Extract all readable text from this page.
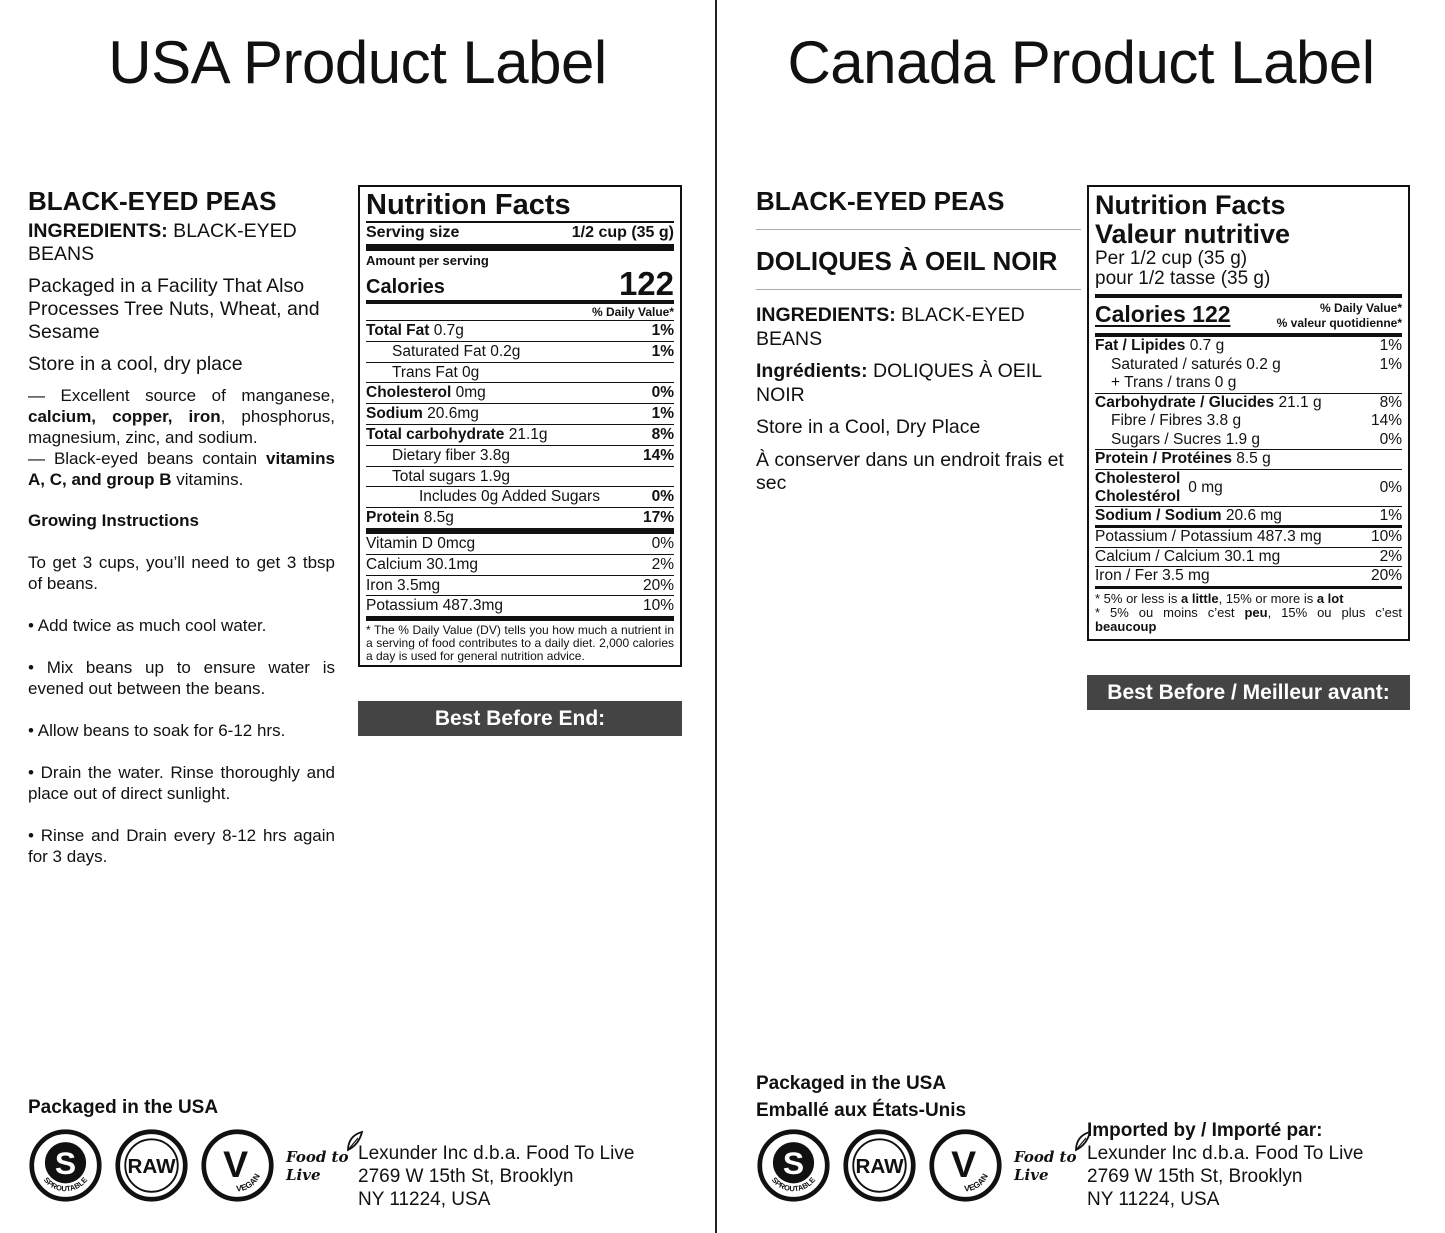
USA Product Label
BLACK-EYED PEAS

INGREDIENTS: BLACK-EYED BEANS

Packaged in a Facility That Also Processes Tree Nuts, Wheat, and Sesame

Store in a cool, dry place

— Excellent source of manganese, calcium, copper, iron, phosphorus, magnesium, zinc, and sodium.

— Black-eyed beans contain vitamins A, C, and group B vitamins.

Growing Instructions

To get 3 cups, you’ll need to get 3 tbsp of beans.

• Add twice as much cool water.

• Mix beans up to ensure water is evened out between the beans.

• Allow beans to soak for 6-12 hrs.

• Drain the water. Rinse thoroughly and place out of direct sunlight.

• Rinse and Drain every 8-12 hrs again for 3 days.

Nutrition Facts
Serving size	1/2 cup (35 g)
Amount per serving
Calories	122
% Daily Value*
Total Fat 0.7g	1%
Saturated Fat 0.2g	1%
Trans Fat 0g
Cholesterol 0mg	0%
Sodium 20.6mg	1%
Total carbohydrate 21.1g	8%
Dietary fiber 3.8g	14%
Total sugars 1.9g
Includes 0g Added Sugars	0%
Protein 8.5g	17%
Vitamin D 0mcg	0%
Calcium 30.1mg	2%
Iron 3.5mg	20%
Potassium 487.3mg	10%
* The % Daily Value (DV) tells you how much a nutrient in a serving of food contributes to a daily diet. 2,000 calories a day is used for general nutrition advice.
Best Before End:
Packaged in the USA
S
SPROUTABLE
RAW V
VEGAN
Food to Live
Lexunder Inc d.b.a. Food To Live
2769 W 15th St, Brooklyn
NY 11224, USA
Canada Product Label
BLACK-EYED PEAS
DOLIQUES À OEIL NOIR

INGREDIENTS: BLACK-EYED BEANS

Ingrédients: DOLIQUES À OEIL NOIR

Store in a Cool, Dry Place

À conserver dans un endroit frais et sec

Nutrition Facts
Valeur nutritive
Per 1/2 cup (35 g)
pour 1/2 tasse (35 g)
Calories 122	% Daily Value*
% valeur quotidienne*
Fat / Lipides 0.7 g	1%
Saturated / saturés 0.2 g	1%
+ Trans / trans 0 g
Carbohydrate / Glucides 21.1 g	8%
Fibre / Fibres 3.8 g	14%
Sugars / Sucres 1.9 g	0%
Protein / Protéines 8.5 g
Cholesterol
Cholestérol
0 mg	0%
Sodium / Sodium 20.6 mg	1%
Potassium / Potassium 487.3 mg	10%
Calcium / Calcium 30.1 mg	2%
Iron / Fer 3.5 mg	20%
* 5% or less is a little, 15% or more is a lot
* 5% ou moins c’est peu, 15% ou plus c’est beaucoup
Best Before / Meilleur avant:
Packaged in the USA
Emballé aux États-Unis
S
SPROUTABLE
RAW V
VEGAN
Food to Live
Imported by / Importé par:
Lexunder Inc d.b.a. Food To Live
2769 W 15th St, Brooklyn
NY 11224, USA
